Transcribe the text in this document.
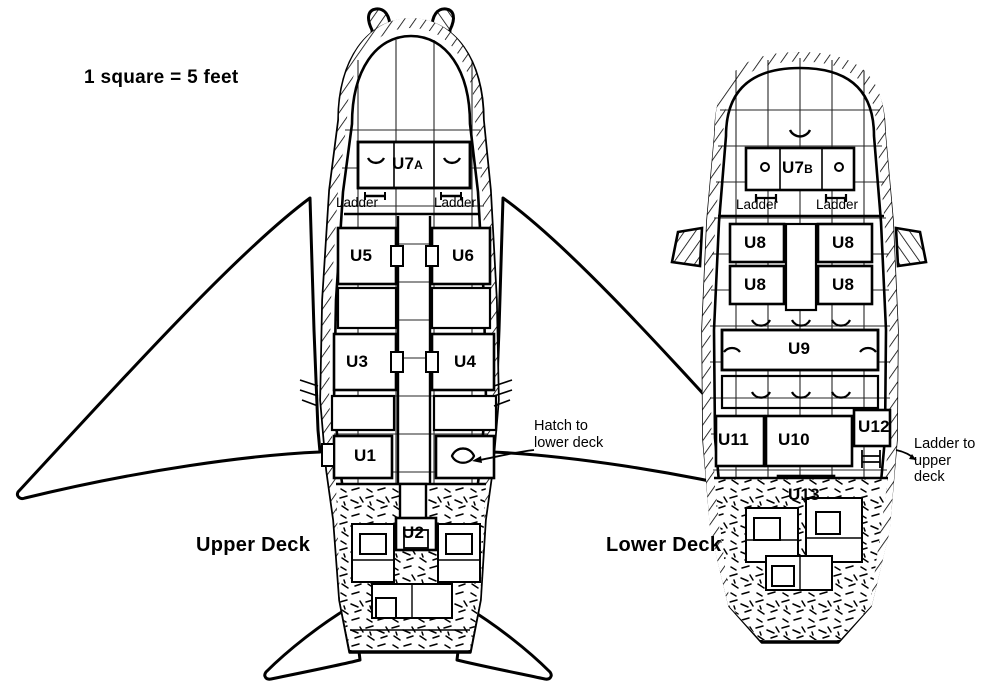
1 square = 5 feet
Upper Deck	Lower Deck
U7A
U5	U6
U3	U4
U1
U2
Ladder	Ladder
Hatch to
lower deck
U7B
U8	U8
U8	U8
U9
U11 U10
U12
U13
Ladder	Ladder
Ladder to
upper
deck
